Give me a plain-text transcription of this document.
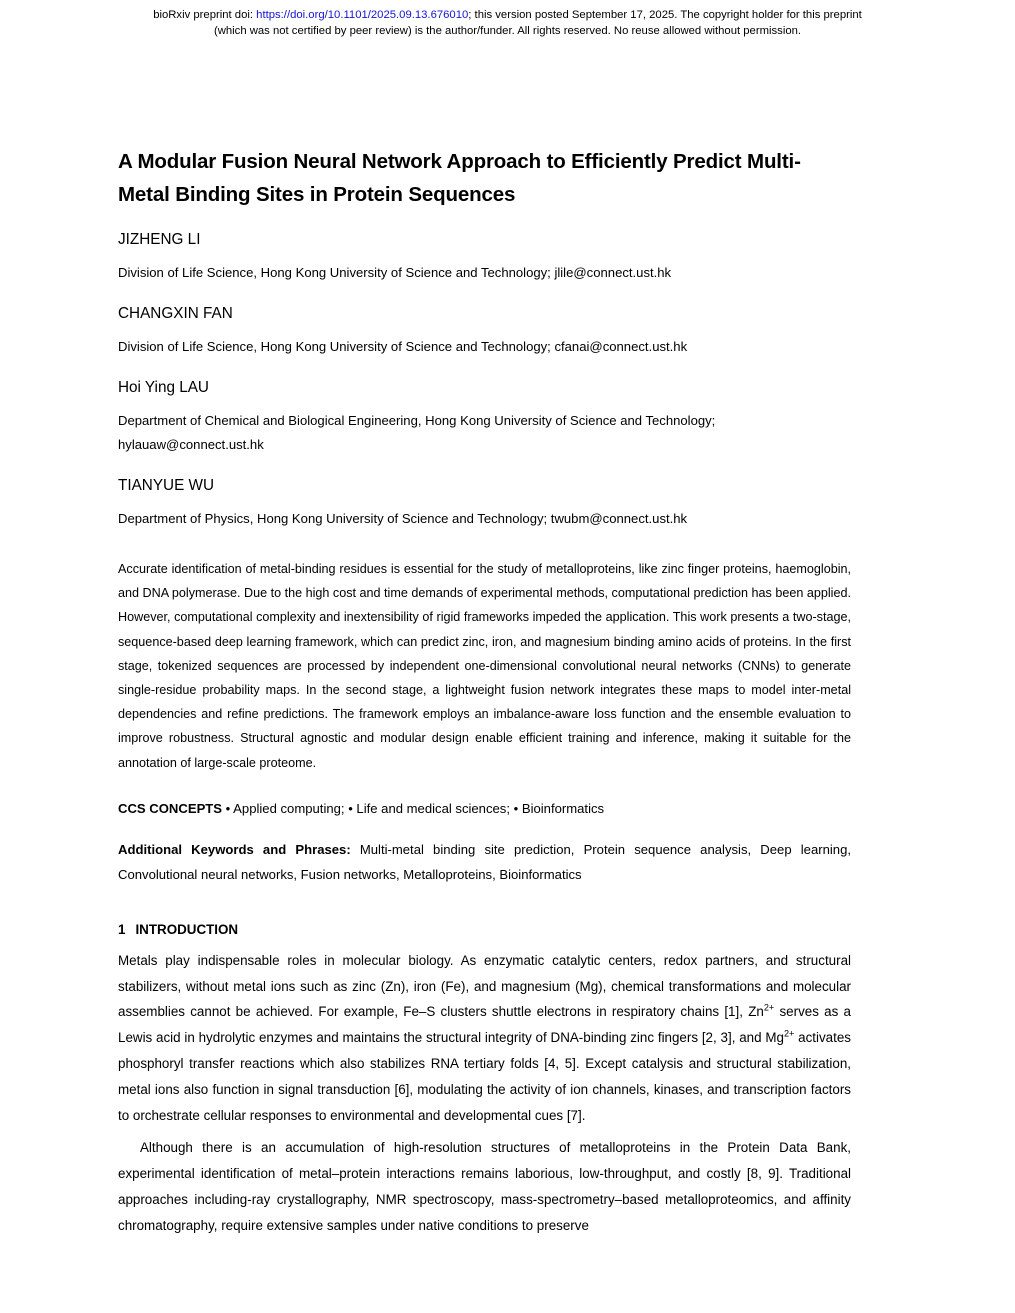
bioRxiv preprint doi: https://doi.org/10.1101/2025.09.13.676010; this version posted September 17, 2025. The copyright holder for this preprint
(which was not certified by peer review) is the author/funder. All rights reserved. No reuse allowed without permission.
A Modular Fusion Neural Network Approach to Efficiently Predict Multi-Metal Binding Sites in Protein Sequences
JIZHENG LI
Division of Life Science, Hong Kong University of Science and Technology; jlile@connect.ust.hk
CHANGXIN FAN
Division of Life Science, Hong Kong University of Science and Technology; cfanai@connect.ust.hk
Hoi Ying LAU
Department of Chemical and Biological Engineering, Hong Kong University of Science and Technology; hylauaw@connect.ust.hk
TIANYUE WU
Department of Physics, Hong Kong University of Science and Technology; twubm@connect.ust.hk

Accurate identification of metal-binding residues is essential for the study of metalloproteins, like zinc finger proteins, haemoglobin, and DNA polymerase. Due to the high cost and time demands of experimental methods, computational prediction has been applied. However, computational complexity and inextensibility of rigid frameworks impeded the application. This work presents a two-stage, sequence-based deep learning framework, which can predict zinc, iron, and magnesium binding amino acids of proteins. In the first stage, tokenized sequences are processed by independent one-dimensional convolutional neural networks (CNNs) to generate single-residue probability maps. In the second stage, a lightweight fusion network integrates these maps to model inter-metal dependencies and refine predictions. The framework employs an imbalance-aware loss function and the ensemble evaluation to improve robustness. Structural agnostic and modular design enable efficient training and inference, making it suitable for the annotation of large-scale proteome.

CCS CONCEPTS • Applied computing; • Life and medical sciences; • Bioinformatics

Additional Keywords and Phrases: Multi-metal binding site prediction, Protein sequence analysis, Deep learning, Convolutional neural networks, Fusion networks, Metalloproteins, Bioinformatics

1 INTRODUCTION

Metals play indispensable roles in molecular biology. As enzymatic catalytic centers, redox partners, and structural stabilizers, without metal ions such as zinc (Zn), iron (Fe), and magnesium (Mg), chemical transformations and molecular assemblies cannot be achieved. For example, Fe–S clusters shuttle electrons in respiratory chains [1], $Zn^{2+}$ serves as a Lewis acid in hydrolytic enzymes and maintains the structural integrity of DNA-binding zinc fingers [2, 3], and $Mg^{2+}$ activates phosphoryl transfer reactions which also stabilizes RNA tertiary folds [4, 5]. Except catalysis and structural stabilization, metal ions also function in signal transduction [6], modulating the activity of ion channels, kinases, and transcription factors to orchestrate cellular responses to environmental and developmental cues [7].

Although there is an accumulation of high-resolution structures of metalloproteins in the Protein Data Bank, experimental identification of metal–protein interactions remains laborious, low-throughput, and costly [8, 9]. Traditional approaches including-ray crystallography, NMR spectroscopy, mass-spectrometry–based metalloproteomics, and affinity chromatography, require extensive samples under native conditions to preserve
